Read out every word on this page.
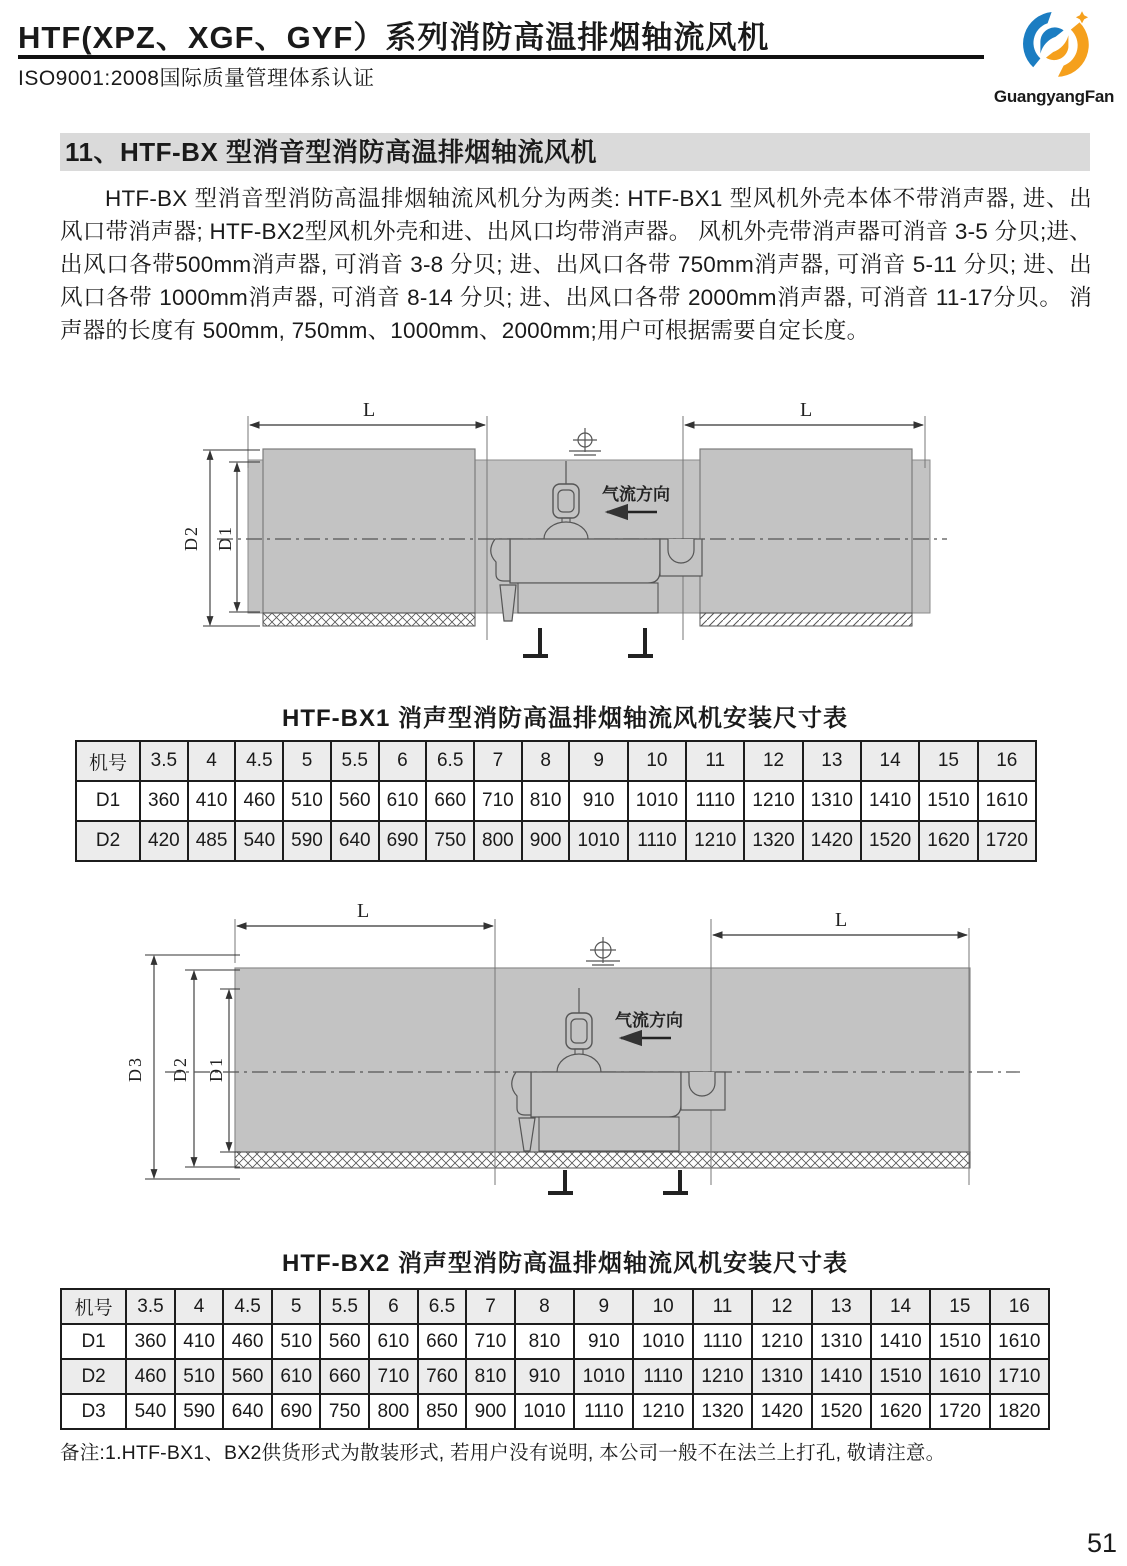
HTF(XPZ、XGF、GYF）系列消防高温排烟轴流风机
ISO9001:2008国际质量管理体系认证
GuangyangFan
11、HTF-BX 型消音型消防高温排烟轴流风机
HTF-BX 型消音型消防高温排烟轴流风机分为两类: HTF-BX1 型风机外壳本体不带消声器, 进、出风口带消声器; HTF-BX2型风机外壳和进、出风口均带消声器。 风机外壳带消声器可消音 3-5 分贝;进、 出风口各带500mm消声器, 可消音 3-8 分贝; 进、出风口各带 750mm消声器, 可消音 5-11 分贝; 进、出风口各带 1000mm消声器, 可消音 8-14 分贝; 进、出风口各带 2000mm消声器, 可消音 11-17分贝。 消声器的长度有 500mm, 750mm、1000mm、2000mm;用户可根据需要自定长度。
L	L
D2 D1
气流方向
HTF-BX1 消声型消防高温排烟轴流风机安装尺寸表
机号	3.5	4	4.5	5	5.5	6	6.5	7	8	9	10	11	12	13	14	15	16
D1	360	410	460	510	560	610	660	710	810	910	1010	1110	1210	1310	1410	1510	1610
D2	420	485	540	590	640	690	750	800	900	1010	1110	1210	1320	1420	1520	1620	1720
L	L
D3 D2 D1
气流方向
HTF-BX2 消声型消防高温排烟轴流风机安装尺寸表
机号	3.5	4	4.5	5	5.5	6	6.5	7	8	9	10	11	12	13	14	15	16
D1	360	410	460	510	560	610	660	710	810	910	1010	1110	1210	1310	1410	1510	1610
D2	460	510	560	610	660	710	760	810	910	1010	1110	1210	1310	1410	1510	1610	1710
D3	540	590	640	690	750	800	850	900	1010	1110	1210	1320	1420	1520	1620	1720	1820
备注:1.HTF-BX1、BX2供货形式为散装形式, 若用户没有说明, 本公司一般不在法兰上打孔, 敬请注意。
51
